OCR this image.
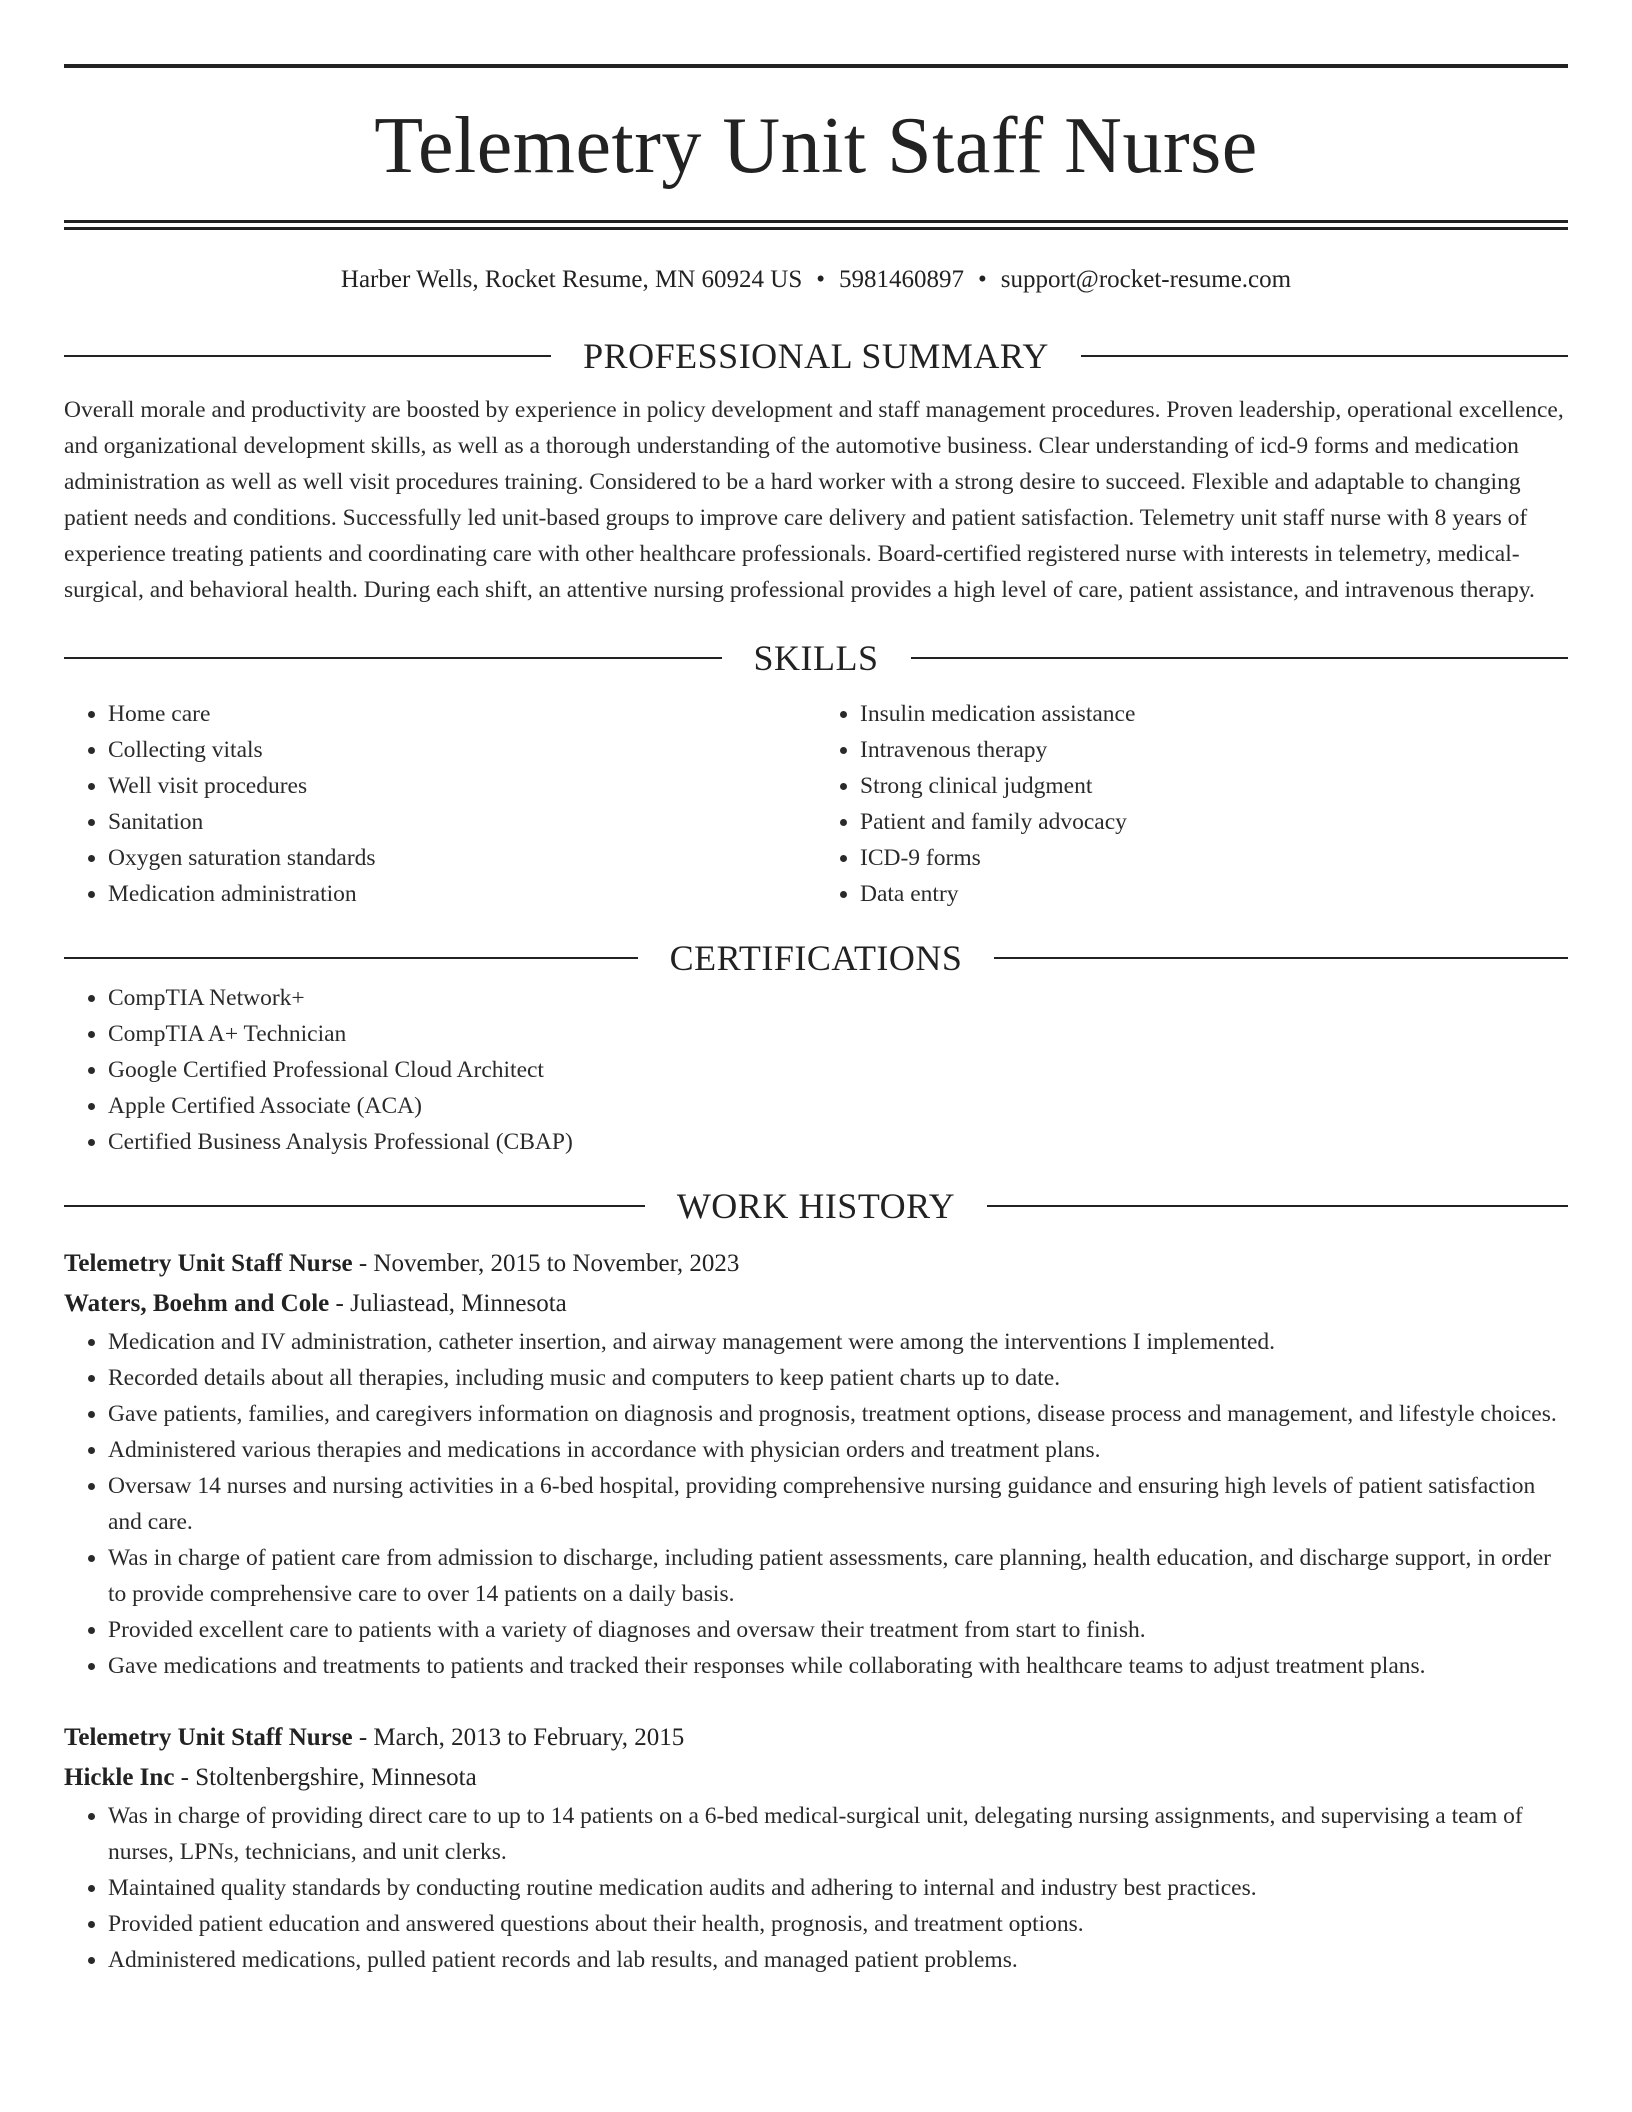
Telemetry Unit Staff Nurse
Harber Wells, Rocket Resume, MN 60924 US • 5981460897 • support@rocket-resume.com
PROFESSIONAL SUMMARY
Overall morale and productivity are boosted by experience in policy development and staff management procedures. Proven leadership, operational excellence, and organizational development skills, as well as a thorough understanding of the automotive business. Clear understanding of icd-9 forms and medication administration as well as well visit procedures training. Considered to be a hard worker with a strong desire to succeed. Flexible and adaptable to changing patient needs and conditions. Successfully led unit-based groups to improve care delivery and patient satisfaction. Telemetry unit staff nurse with 8 years of experience treating patients and coordinating care with other healthcare professionals. Board-certified registered nurse with interests in telemetry, medical-surgical, and behavioral health. During each shift, an attentive nursing professional provides a high level of care, patient assistance, and intravenous therapy.
SKILLS
• Home care
• Collecting vitals
• Well visit procedures
• Sanitation
• Oxygen saturation standards
• Medication administration
• Insulin medication assistance
• Intravenous therapy
• Strong clinical judgment
• Patient and family advocacy
• ICD-9 forms
• Data entry
CERTIFICATIONS
• CompTIA Network+
• CompTIA A+ Technician
• Google Certified Professional Cloud Architect
• Apple Certified Associate (ACA)
• Certified Business Analysis Professional (CBAP)
WORK HISTORY
Telemetry Unit Staff Nurse - November, 2015 to November, 2023
Waters, Boehm and Cole - Juliastead, Minnesota
• Medication and IV administration, catheter insertion, and airway management were among the interventions I implemented.
• Recorded details about all therapies, including music and computers to keep patient charts up to date.
• Gave patients, families, and caregivers information on diagnosis and prognosis, treatment options, disease process and management, and lifestyle choices.
• Administered various therapies and medications in accordance with physician orders and treatment plans.
• Oversaw 14 nurses and nursing activities in a 6-bed hospital, providing comprehensive nursing guidance and ensuring high levels of patient satisfaction and care.
• Was in charge of patient care from admission to discharge, including patient assessments, care planning, health education, and discharge support, in order to provide comprehensive care to over 14 patients on a daily basis.
• Provided excellent care to patients with a variety of diagnoses and oversaw their treatment from start to finish.
• Gave medications and treatments to patients and tracked their responses while collaborating with healthcare teams to adjust treatment plans.
Telemetry Unit Staff Nurse - March, 2013 to February, 2015
Hickle Inc - Stoltenbergshire, Minnesota
• Was in charge of providing direct care to up to 14 patients on a 6-bed medical-surgical unit, delegating nursing assignments, and supervising a team of nurses, LPNs, technicians, and unit clerks.
• Maintained quality standards by conducting routine medication audits and adhering to internal and industry best practices.
• Provided patient education and answered questions about their health, prognosis, and treatment options.
• Administered medications, pulled patient records and lab results, and managed patient problems.
